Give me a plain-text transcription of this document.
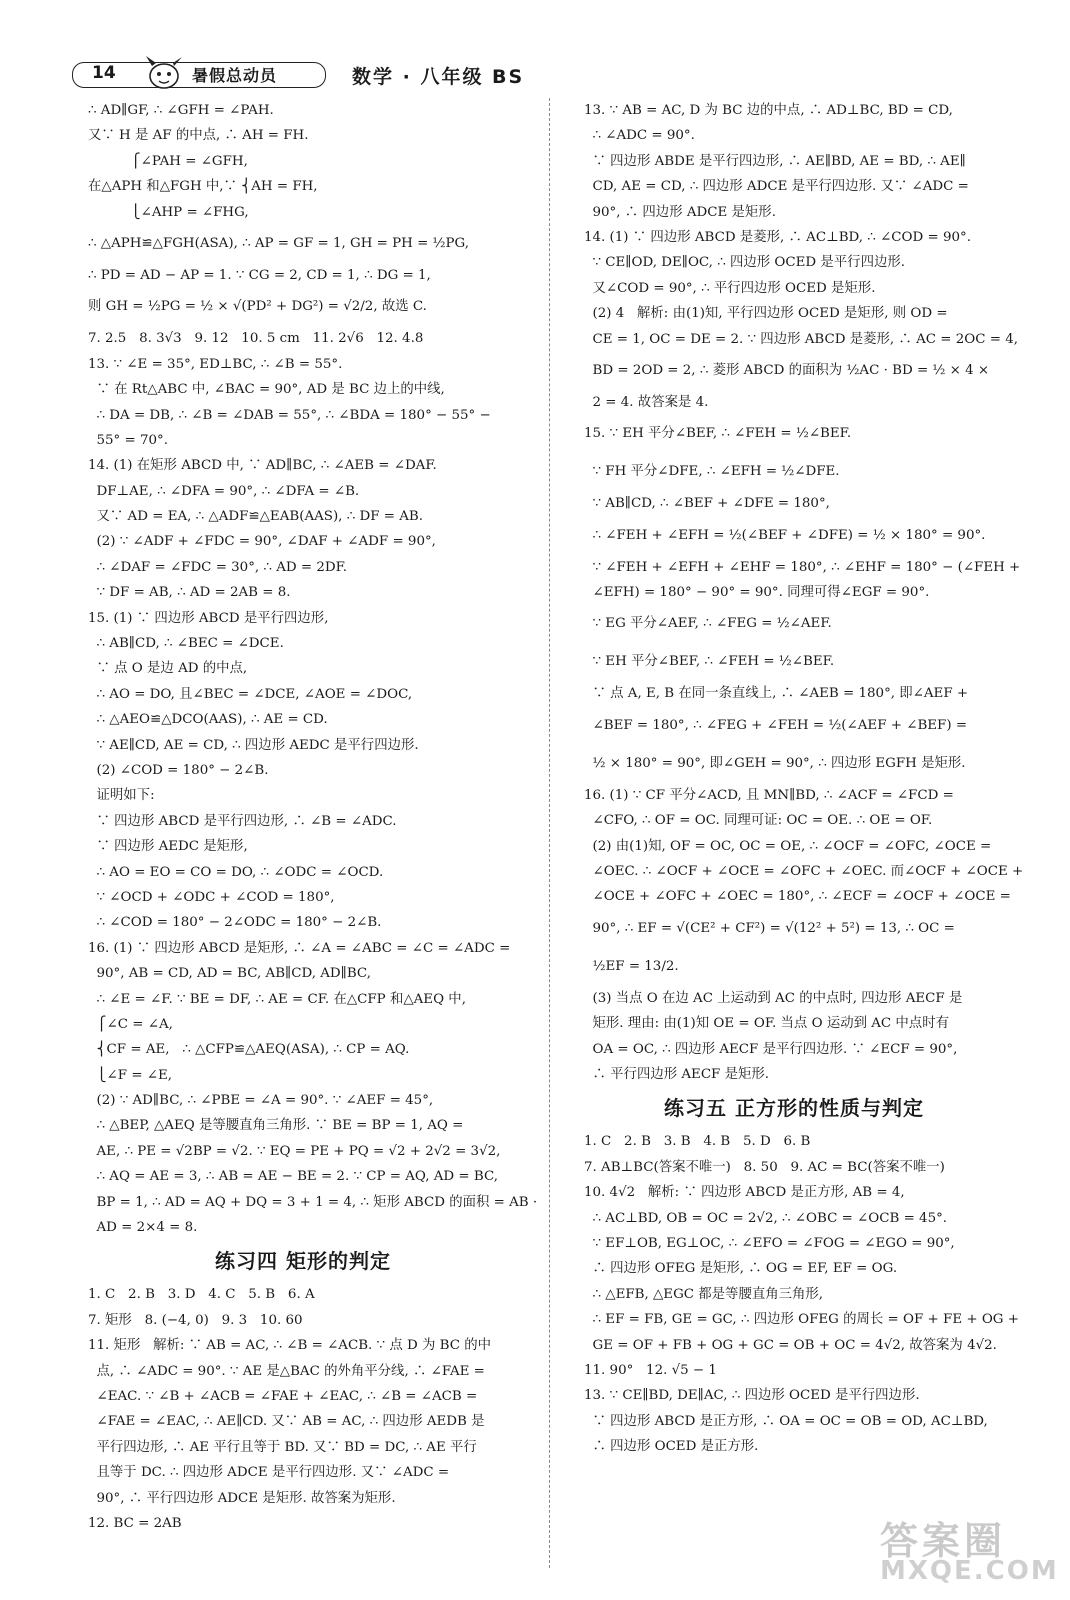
14	暑假总动员	数学 · 八年级 BS
∴ AD∥GF, ∴ ∠GFH = ∠PAH.
又∵ H 是 AF 的中点, ∴ AH = FH.
⎧∠PAH = ∠GFH,
在△APH 和△FGH 中,∵ ⎨AH = FH,
⎩∠AHP = ∠FHG,
∴ △APH≌△FGH(ASA), ∴ AP = GF = 1, GH = PH = ½PG,
∴ PD = AD − AP = 1. ∵ CG = 2, CD = 1, ∴ DG = 1,
则 GH = ½PG = ½ × √(PD² + DG²) = √2/2, 故选 C.
7. 2.5   8. 3√3   9. 12   10. 5 cm   11. 2√6   12. 4.8
13. ∵ ∠E = 35°, ED⊥BC, ∴ ∠B = 55°.
∵ 在 Rt△ABC 中, ∠BAC = 90°, AD 是 BC 边上的中线,
∴ DA = DB, ∴ ∠B = ∠DAB = 55°, ∴ ∠BDA = 180° − 55° −
55° = 70°.
14. (1) 在矩形 ABCD 中, ∵ AD∥BC, ∴ ∠AEB = ∠DAF.
DF⊥AE, ∴ ∠DFA = 90°, ∴ ∠DFA = ∠B.
又∵ AD = EA, ∴ △ADF≌△EAB(AAS), ∴ DF = AB.
(2) ∵ ∠ADF + ∠FDC = 90°, ∠DAF + ∠ADF = 90°,
∴ ∠DAF = ∠FDC = 30°, ∴ AD = 2DF.
∵ DF = AB, ∴ AD = 2AB = 8.
15. (1) ∵ 四边形 ABCD 是平行四边形,
∴ AB∥CD, ∴ ∠BEC = ∠DCE.
∵ 点 O 是边 AD 的中点,
∴ AO = DO, 且∠BEC = ∠DCE, ∠AOE = ∠DOC,
∴ △AEO≌△DCO(AAS), ∴ AE = CD.
∵ AE∥CD, AE = CD, ∴ 四边形 AEDC 是平行四边形.
(2) ∠COD = 180° − 2∠B.
证明如下:
∵ 四边形 ABCD 是平行四边形, ∴ ∠B = ∠ADC.
∵ 四边形 AEDC 是矩形,
∴ AO = EO = CO = DO, ∴ ∠ODC = ∠OCD.
∵ ∠OCD + ∠ODC + ∠COD = 180°,
∴ ∠COD = 180° − 2∠ODC = 180° − 2∠B.
16. (1) ∵ 四边形 ABCD 是矩形, ∴ ∠A = ∠ABC = ∠C = ∠ADC =
90°, AB = CD, AD = BC, AB∥CD, AD∥BC,
∴ ∠E = ∠F. ∵ BE = DF, ∴ AE = CF. 在△CFP 和△AEQ 中,
⎧∠C = ∠A,
⎨CF = AE,   ∴ △CFP≌△AEQ(ASA), ∴ CP = AQ.
⎩∠F = ∠E,
(2) ∵ AD∥BC, ∴ ∠PBE = ∠A = 90°. ∵ ∠AEF = 45°,
∴ △BEP, △AEQ 是等腰直角三角形. ∵ BE = BP = 1, AQ =
AE, ∴ PE = √2BP = √2. ∵ EQ = PE + PQ = √2 + 2√2 = 3√2,
∴ AQ = AE = 3, ∴ AB = AE − BE = 2. ∵ CP = AQ, AD = BC,
BP = 1, ∴ AD = AQ + DQ = 3 + 1 = 4, ∴ 矩形 ABCD 的面积 = AB ·
AD = 2×4 = 8.
练习四 矩形的判定
1. C   2. B   3. D   4. C   5. B   6. A
7. 矩形   8. (−4, 0)   9. 3   10. 60
11. 矩形   解析: ∵ AB = AC, ∴ ∠B = ∠ACB. ∵ 点 D 为 BC 的中
点, ∴ ∠ADC = 90°. ∵ AE 是△BAC 的外角平分线, ∴ ∠FAE =
∠EAC. ∵ ∠B + ∠ACB = ∠FAE + ∠EAC, ∴ ∠B = ∠ACB =
∠FAE = ∠EAC, ∴ AE∥CD. 又∵ AB = AC, ∴ 四边形 AEDB 是
平行四边形, ∴ AE 平行且等于 BD. 又∵ BD = DC, ∴ AE 平行
且等于 DC. ∴ 四边形 ADCE 是平行四边形. 又∵ ∠ADC =
90°, ∴ 平行四边形 ADCE 是矩形. 故答案为矩形.
12. BC = 2AB
13. ∵ AB = AC, D 为 BC 边的中点, ∴ AD⊥BC, BD = CD,
∴ ∠ADC = 90°.
∵ 四边形 ABDE 是平行四边形, ∴ AE∥BD, AE = BD, ∴ AE∥
CD, AE = CD, ∴ 四边形 ADCE 是平行四边形. 又∵ ∠ADC =
90°, ∴ 四边形 ADCE 是矩形.
14. (1) ∵ 四边形 ABCD 是菱形, ∴ AC⊥BD, ∴ ∠COD = 90°.
∵ CE∥OD, DE∥OC, ∴ 四边形 OCED 是平行四边形.
又∠COD = 90°, ∴ 平行四边形 OCED 是矩形.
(2) 4   解析: 由(1)知, 平行四边形 OCED 是矩形, 则 OD =
CE = 1, OC = DE = 2. ∵ 四边形 ABCD 是菱形, ∴ AC = 2OC = 4,
BD = 2OD = 2, ∴ 菱形 ABCD 的面积为 ½AC · BD = ½ × 4 ×
2 = 4. 故答案是 4.
15. ∵ EH 平分∠BEF, ∴ ∠FEH = ½∠BEF.
∵ FH 平分∠DFE, ∴ ∠EFH = ½∠DFE.
∵ AB∥CD, ∴ ∠BEF + ∠DFE = 180°,
∴ ∠FEH + ∠EFH = ½(∠BEF + ∠DFE) = ½ × 180° = 90°.
∵ ∠FEH + ∠EFH + ∠EHF = 180°, ∴ ∠EHF = 180° − (∠FEH +
∠EFH) = 180° − 90° = 90°. 同理可得∠EGF = 90°.
∵ EG 平分∠AEF, ∴ ∠FEG = ½∠AEF.
∵ EH 平分∠BEF, ∴ ∠FEH = ½∠BEF.
∵ 点 A, E, B 在同一条直线上, ∴ ∠AEB = 180°, 即∠AEF +
∠BEF = 180°, ∴ ∠FEG + ∠FEH = ½(∠AEF + ∠BEF) =
½ × 180° = 90°, 即∠GEH = 90°, ∴ 四边形 EGFH 是矩形.
16. (1) ∵ CF 平分∠ACD, 且 MN∥BD, ∴ ∠ACF = ∠FCD =
∠CFO, ∴ OF = OC. 同理可证: OC = OE. ∴ OE = OF.
(2) 由(1)知, OF = OC, OC = OE, ∴ ∠OCF = ∠OFC, ∠OCE =
∠OEC. ∴ ∠OCF + ∠OCE = ∠OFC + ∠OEC. 而∠OCF + ∠OCE +
∠OCE + ∠OFC + ∠OEC = 180°, ∴ ∠ECF = ∠OCF + ∠OCE =
90°, ∴ EF = √(CE² + CF²) = √(12² + 5²) = 13, ∴ OC =
½EF = 13/2.
(3) 当点 O 在边 AC 上运动到 AC 的中点时, 四边形 AECF 是
矩形. 理由: 由(1)知 OE = OF. 当点 O 运动到 AC 中点时有
OA = OC, ∴ 四边形 AECF 是平行四边形. ∵ ∠ECF = 90°,
∴ 平行四边形 AECF 是矩形.
练习五 正方形的性质与判定
1. C   2. B   3. B   4. B   5. D   6. B
7. AB⊥BC(答案不唯一)   8. 50   9. AC = BC(答案不唯一)
10. 4√2   解析: ∵ 四边形 ABCD 是正方形, AB = 4,
∴ AC⊥BD, OB = OC = 2√2, ∴ ∠OBC = ∠OCB = 45°.
∵ EF⊥OB, EG⊥OC, ∴ ∠EFO = ∠FOG = ∠EGO = 90°,
∴ 四边形 OFEG 是矩形, ∴ OG = EF, EF = OG.
∴ △EFB, △EGC 都是等腰直角三角形,
∴ EF = FB, GE = GC, ∴ 四边形 OFEG 的周长 = OF + FE + OG +
GE = OF + FB + OG + GC = OB + OC = 4√2, 故答案为 4√2.
11. 90°   12. √5 − 1
13. ∵ CE∥BD, DE∥AC, ∴ 四边形 OCED 是平行四边形.
∵ 四边形 ABCD 是正方形, ∴ OA = OC = OB = OD, AC⊥BD,
∴ 四边形 OCED 是正方形.
答案圈
MXQE.COM
